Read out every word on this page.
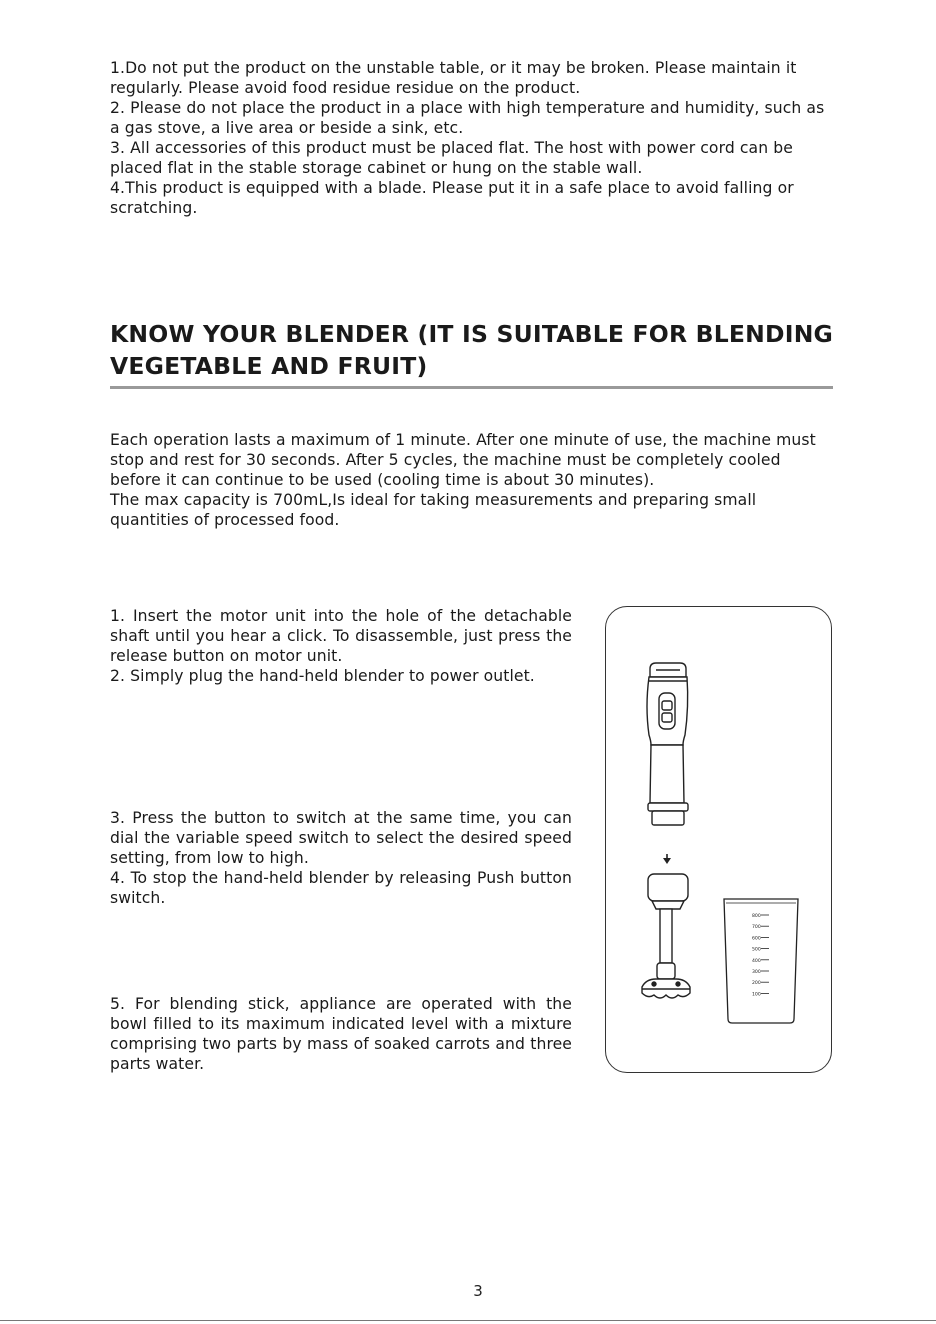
1.Do not put the product on the unstable table, or it may be broken. Please maintain it regularly. Please avoid food residue residue on the product.

2. Please do not place the product in a place with high temperature and humidity, such as a gas stove, a live area or beside a sink, etc.

3. All accessories of this product must be placed flat. The host with power cord can be placed flat in the stable storage cabinet or hung on the stable wall.

4.This product is equipped with a blade. Please put it in a safe place to avoid falling or scratching.

KNOW YOUR BLENDER (IT IS SUITABLE FOR BLENDING VEGETABLE AND FRUIT)

Each operation lasts a maximum of 1 minute. After one minute of use, the machine must stop and rest for 30 seconds. After 5 cycles, the machine must be completely cooled before it can continue to be used (cooling time is about 30 minutes).

The max capacity is 700mL,Is ideal for taking measurements and preparing small quantities of processed food.

1. Insert the motor unit into the hole of the detachable shaft until you hear a click. To disassemble, just press the release button on motor unit.

2. Simply plug the hand-held blender to power outlet.

3. Press the button to switch at the same time, you can dial the variable speed switch to select the desired speed setting, from low to high.

4. To stop the hand-held blender by releasing Push button switch.

5. For blending stick, appliance are operated with the bowl filled to its maximum indicated level with a mixture comprising two parts by mass of soaked carrots and three parts water.

800
700
600
500
400
300
200
100
3
